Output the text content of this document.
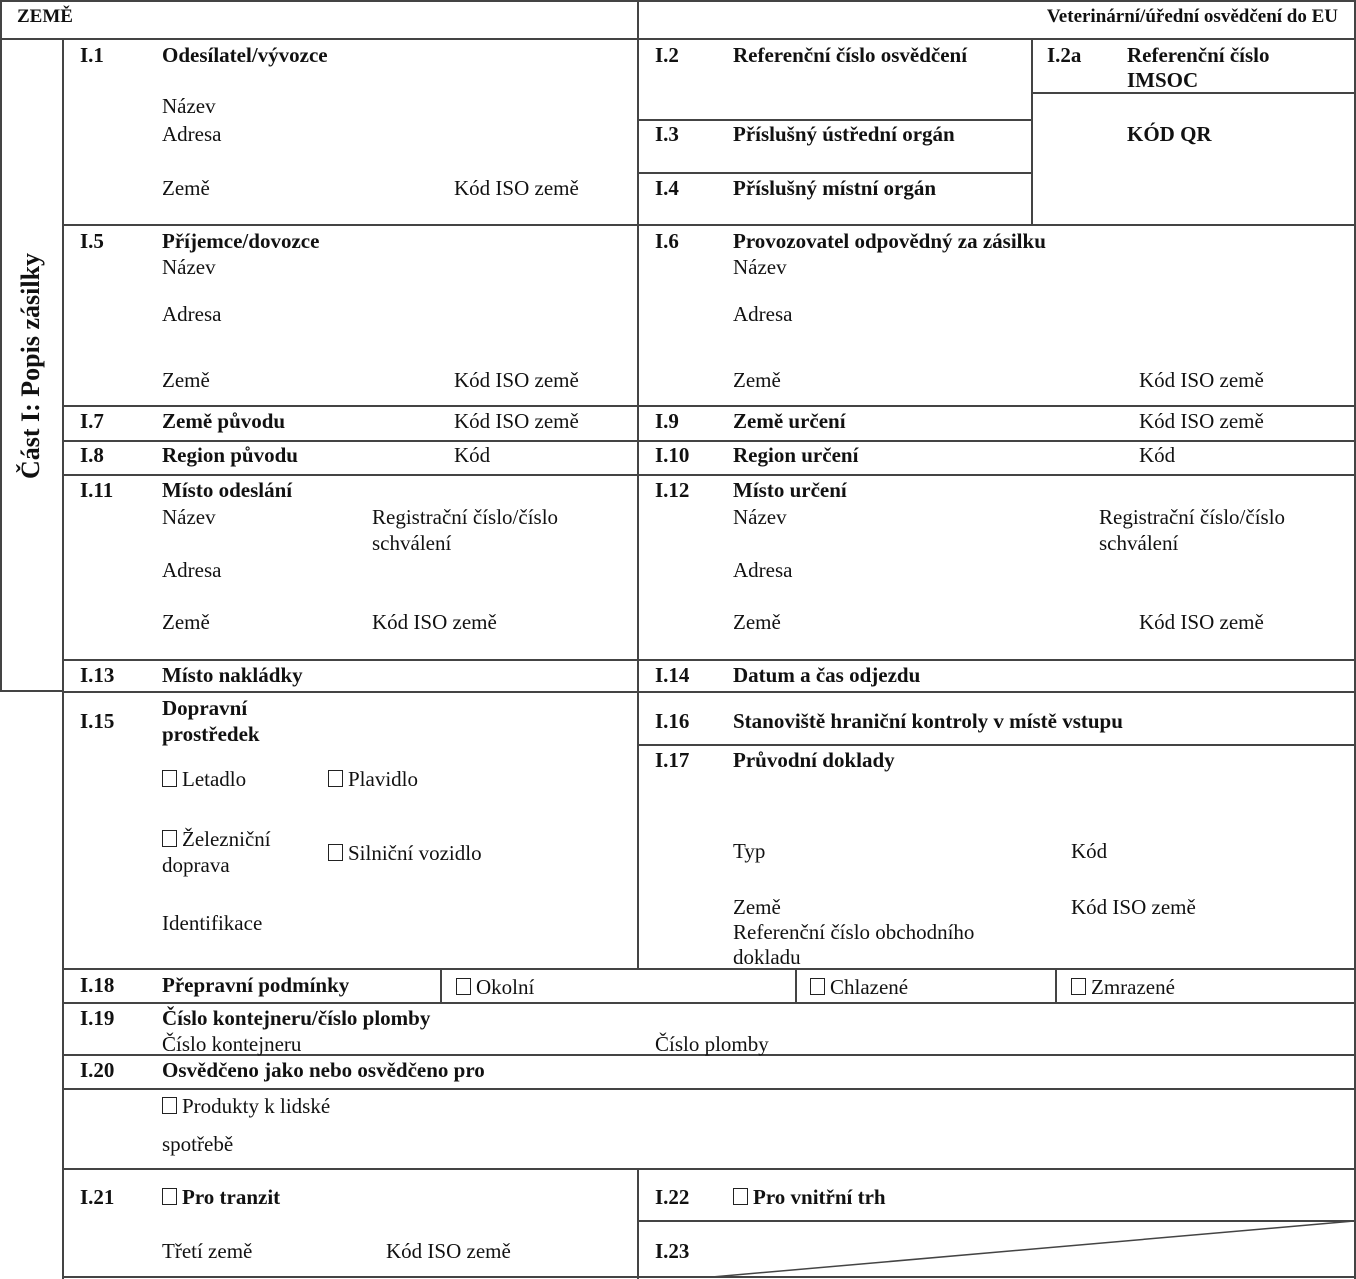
ZEMĚ	Veterinární/úřední osvědčení do EU
Část I: Popis zásilky
I.1	Odesílatel/vývozce
Název
Adresa
Země	Kód ISO země
I.2	Referenční číslo osvědčení	I.2a Referenční číslo
IMSOC
KÓD QR
I.3	Příslušný ústřední orgán
I.4	Příslušný místní orgán
I.5	Příjemce/dovozce
Název
Adresa
Země	Kód ISO země
I.6	Provozovatel odpovědný za zásilku
Název
Adresa
Země	Kód ISO země
I.7	Země původu	Kód ISO země	I.9	Země určení	Kód ISO země
I.8	Region původu	Kód	I.10 Region určení	Kód
I.11 Místo odeslání
Název	Registrační číslo/číslo
schválení
Adresa
Země	Kód ISO země
I.12 Místo určení
Název	Registrační číslo/číslo
schválení
Adresa
Země	Kód ISO země
I.13 Místo nakládky	I.14 Datum a čas odjezdu
I.15
Dopravní
prostředek
Letadlo	Plavidlo
Železniční
doprava	Silniční vozidlo
Identifikace
I.16 Stanoviště hraniční kontroly v místě vstupu
I.17 Průvodní doklady
Typ	Kód
Země	Kód ISO země
Referenční číslo obchodního
dokladu
I.18 Přepravní podmínky	Okolní	Chlazené	Zmrazené
I.19 Číslo kontejneru/číslo plomby
Číslo kontejneru	Číslo plomby
I.20 Osvědčeno jako nebo osvědčeno pro
Produkty k lidské
spotřebě
I.21	Pro tranzit
Třetí země	Kód ISO země
I.22	Pro vnitřní trh
I.23
